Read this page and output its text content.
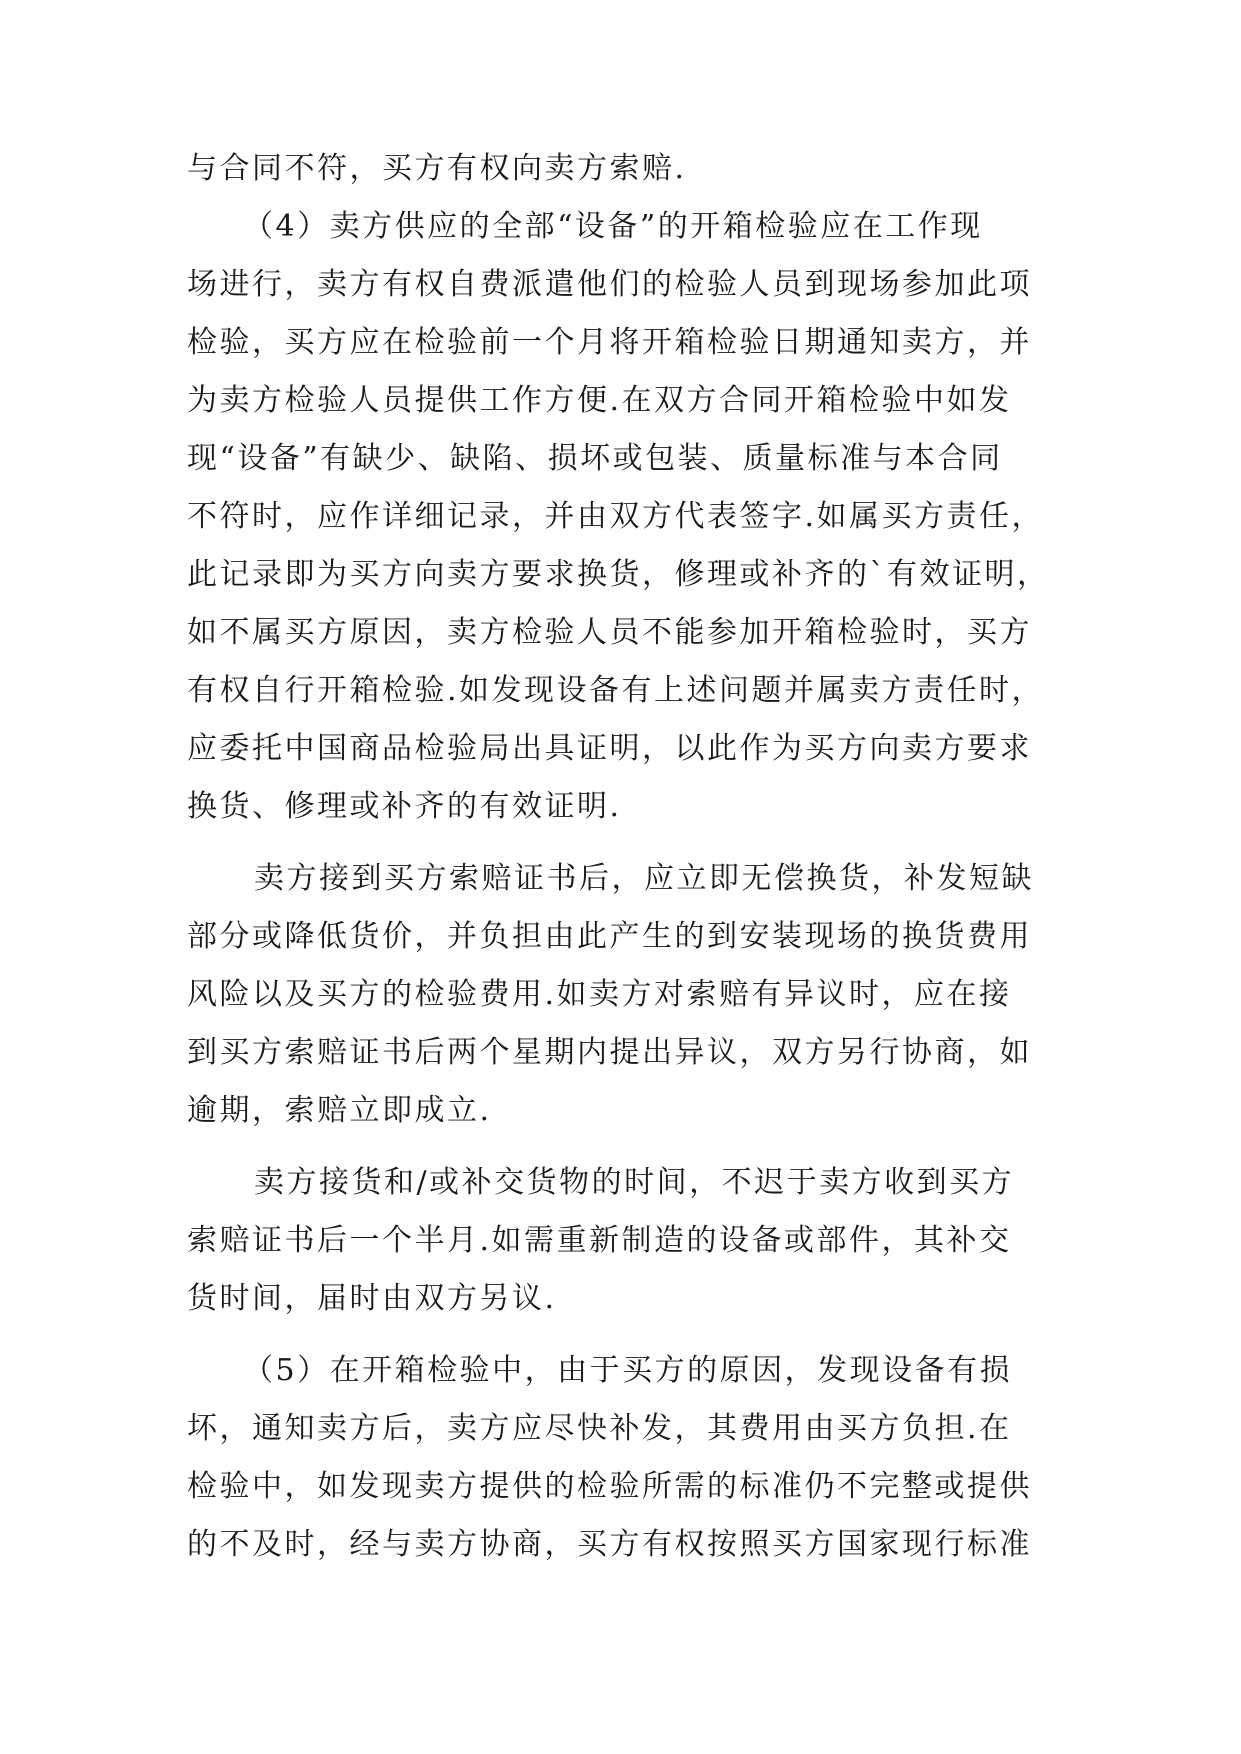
与合同不符，买方有权向卖方索赔.
（4）卖方供应的全部“设备”的开箱检验应在工作现
场进行，卖方有权自费派遣他们的检验人员到现场参加此项
检验，买方应在检验前一个月将开箱检验日期通知卖方，并
为卖方检验人员提供工作方便.在双方合同开箱检验中如发
现“设备”有缺少、缺陷、损坏或包装、质量标准与本合同
不符时，应作详细记录，并由双方代表签字.如属买方责任，
此记录即为买方向卖方要求换货，修理或补齐的`有效证明，
如不属买方原因，卖方检验人员不能参加开箱检验时，买方
有权自行开箱检验.如发现设备有上述问题并属卖方责任时，
应委托中国商品检验局出具证明，以此作为买方向卖方要求
换货、修理或补齐的有效证明.
卖方接到买方索赔证书后，应立即无偿换货，补发短缺
部分或降低货价，并负担由此产生的到安装现场的换货费用
风险以及买方的检验费用.如卖方对索赔有异议时，应在接
到买方索赔证书后两个星期内提出异议，双方另行协商，如
逾期，索赔立即成立.
卖方接货和/或补交货物的时间，不迟于卖方收到买方
索赔证书后一个半月.如需重新制造的设备或部件，其补交
货时间，届时由双方另议.
（5）在开箱检验中，由于买方的原因，发现设备有损
坏，通知卖方后，卖方应尽快补发，其费用由买方负担.在
检验中，如发现卖方提供的检验所需的标准仍不完整或提供
的不及时，经与卖方协商，买方有权按照买方国家现行标准
